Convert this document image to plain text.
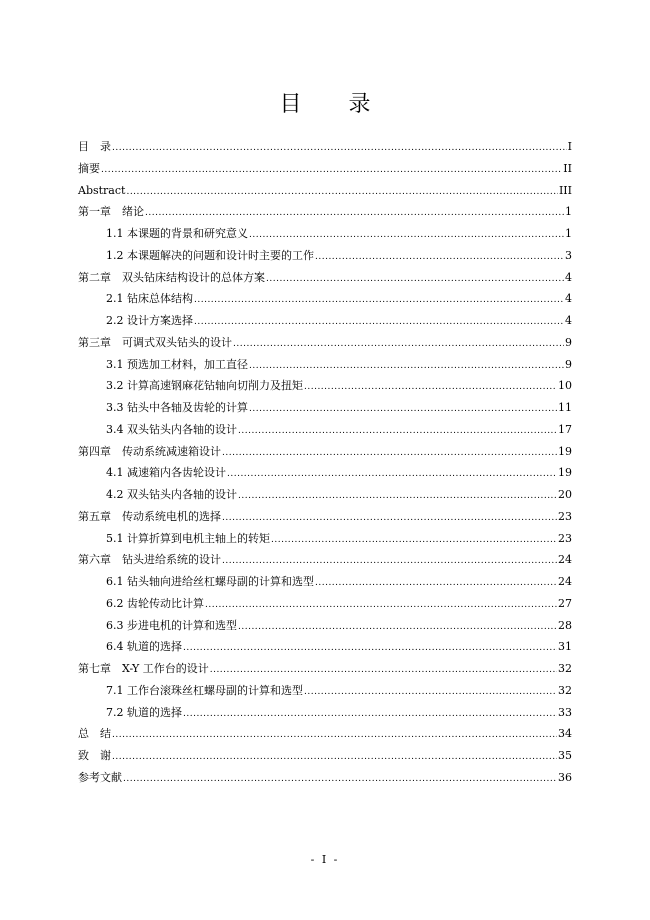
目 录
目　录 .....	I
摘要 .....	II
Abstract .....	III
第一章　绪论 .....	1
1.1 本课题的背景和研究意义 .....	1
1.2 本课题解决的问题和设计时主要的工作 .....	3
第二章　双头钻床结构设计的总体方案 .....	4
2.1 钻床总体结构 .....	4
2.2 设计方案选择 .....	4
第三章　可调式双头钻头的设计 .....	9
3.1 预选加工材料，加工直径 .....	9
3.2 计算高速钢麻花钻轴向切削力及扭矩 .....	10
3.3 钻头中各轴及齿轮的计算 .....	11
3.4 双头钻头内各轴的设计 .....	17
第四章　传动系统减速箱设计 .....	19
4.1 减速箱内各齿轮设计 .....	19
4.2 双头钻头内各轴的设计 .....	20
第五章　传动系统电机的选择 .....	23
5.1 计算折算到电机主轴上的转矩 .....	23
第六章　钻头进给系统的设计 .....	24
6.1 钻头轴向进给丝杠螺母副的计算和选型 .....	24
6.2 齿轮传动比计算 .....	27
6.3 步进电机的计算和选型 .....	28
6.4 轨道的选择 .....	31
第七章　X-Y 工作台的设计 .....	32
7.1 工作台滚珠丝杠螺母副的计算和选型 .....	32
7.2 轨道的选择 .....	33
总　结 .....	34
致　谢 .....	35
参考文献 .....	36
- I -
